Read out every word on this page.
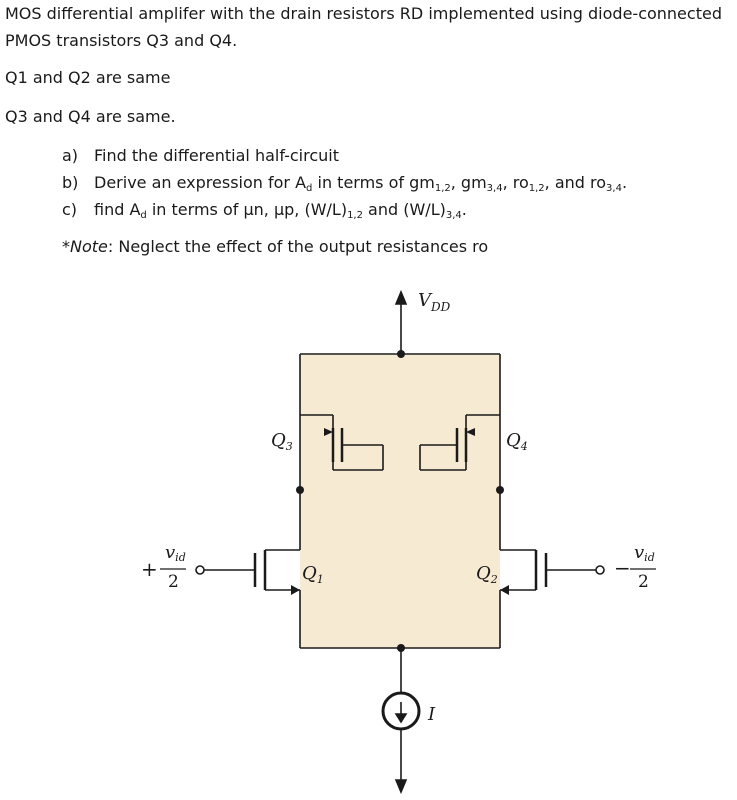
MOS differential amplifer with the drain resistors RD implemented using diode-connected
PMOS transistors Q3 and Q4.
Q1 and Q2 are same
Q3 and Q4 are same.
a) Find the differential half-circuit
b) Derive an expression for $A_d$ in terms of $gm_{1,2}$, $gm_{3,4}$, $ro_{1,2}$, and $ro_{3,4}$.
c) find $A_d$ in terms of μn, μp, $(W/L)_{1,2}$ and $(W/L)_{3,4}$.
*Note: Neglect the effect of the output resistances ro
$V_{DD}$
$Q_3$	$Q_4$
$Q_1$	$Q_2$
vid	vid
I
2	2
+	−
